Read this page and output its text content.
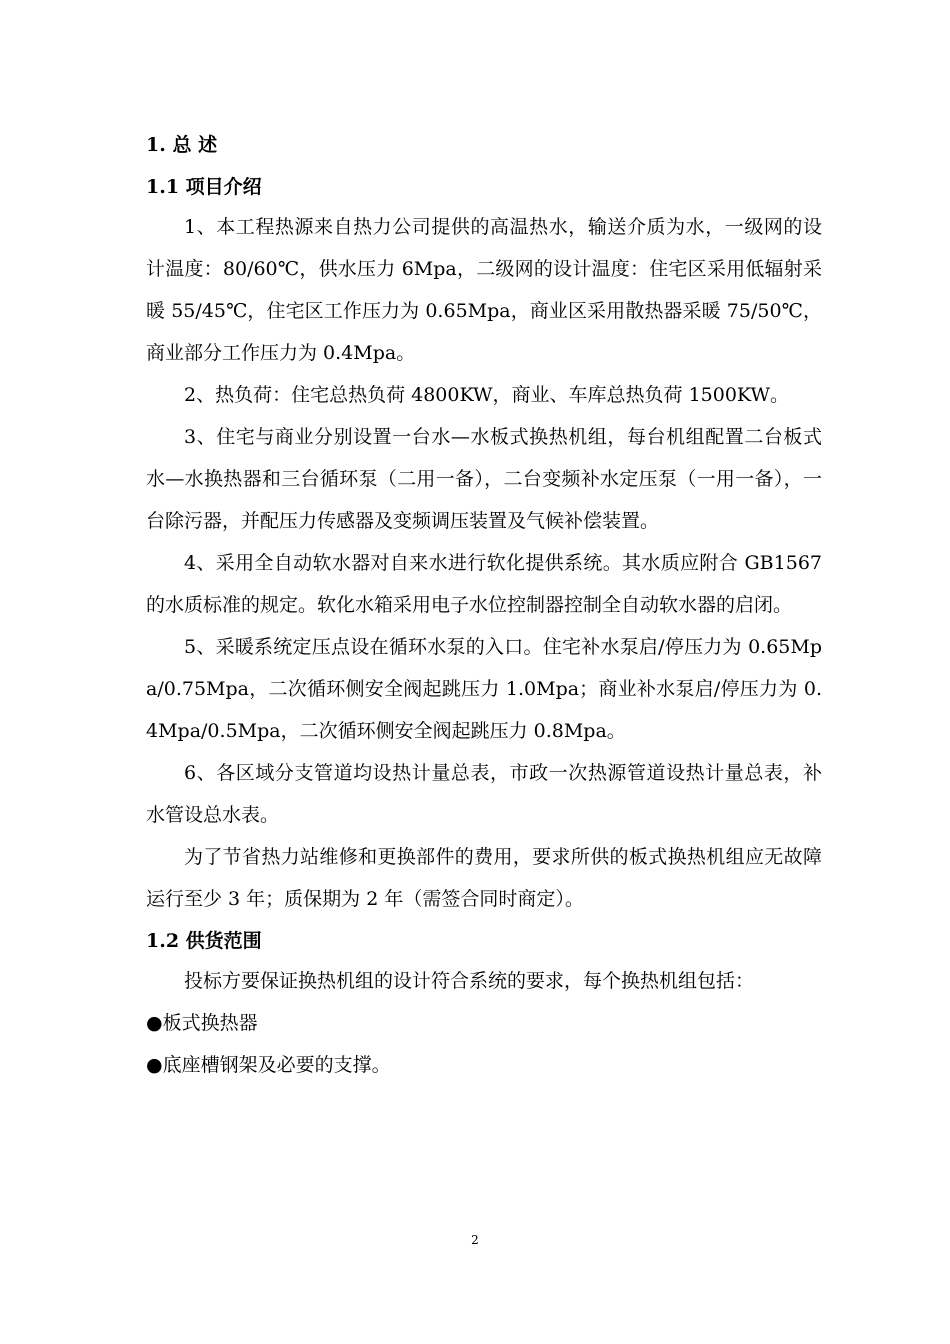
1. 总 述
1.1 项目介绍

1、本工程热源来自热力公司提供的高温热水，输送介质为水，一级网的设计温度：80/60℃，供水压力 6Mpa，二级网的设计温度：住宅区采用低辐射采暖 55/45℃，住宅区工作压力为 0.65Mpa，商业区采用散热器采暖 75/50℃，商业部分工作压力为 0.4Mpa。

2、热负荷：住宅总热负荷 4800KW，商业、车库总热负荷 1500KW。

3、住宅与商业分别设置一台水—水板式换热机组，每台机组配置二台板式水—水换热器和三台循环泵（二用一备），二台变频补水定压泵（一用一备），一台除污器，并配压力传感器及变频调压装置及气候补偿装置。

4、采用全自动软水器对自来水进行软化提供系统。其水质应附合 GB1567 的水质标准的规定。软化水箱采用电子水位控制器控制全自动软水器的启闭。

5、采暖系统定压点设在循环水泵的入口。住宅补水泵启/停压力为 0.65Mpa/0.75Mpa，二次循环侧安全阀起跳压力 1.0Mpa；商业补水泵启/停压力为 0.4Mpa/0.5Mpa，二次循环侧安全阀起跳压力 0.8Mpa。

6、各区域分支管道均设热计量总表，市政一次热源管道设热计量总表，补水管设总水表。

为了节省热力站维修和更换部件的费用，要求所供的板式换热机组应无故障运行至少 3 年；质保期为 2 年（需签合同时商定）。

1.2 供货范围

投标方要保证换热机组的设计符合系统的要求，每个换热机组包括：

●板式换热器

●底座槽钢架及必要的支撑。

2
